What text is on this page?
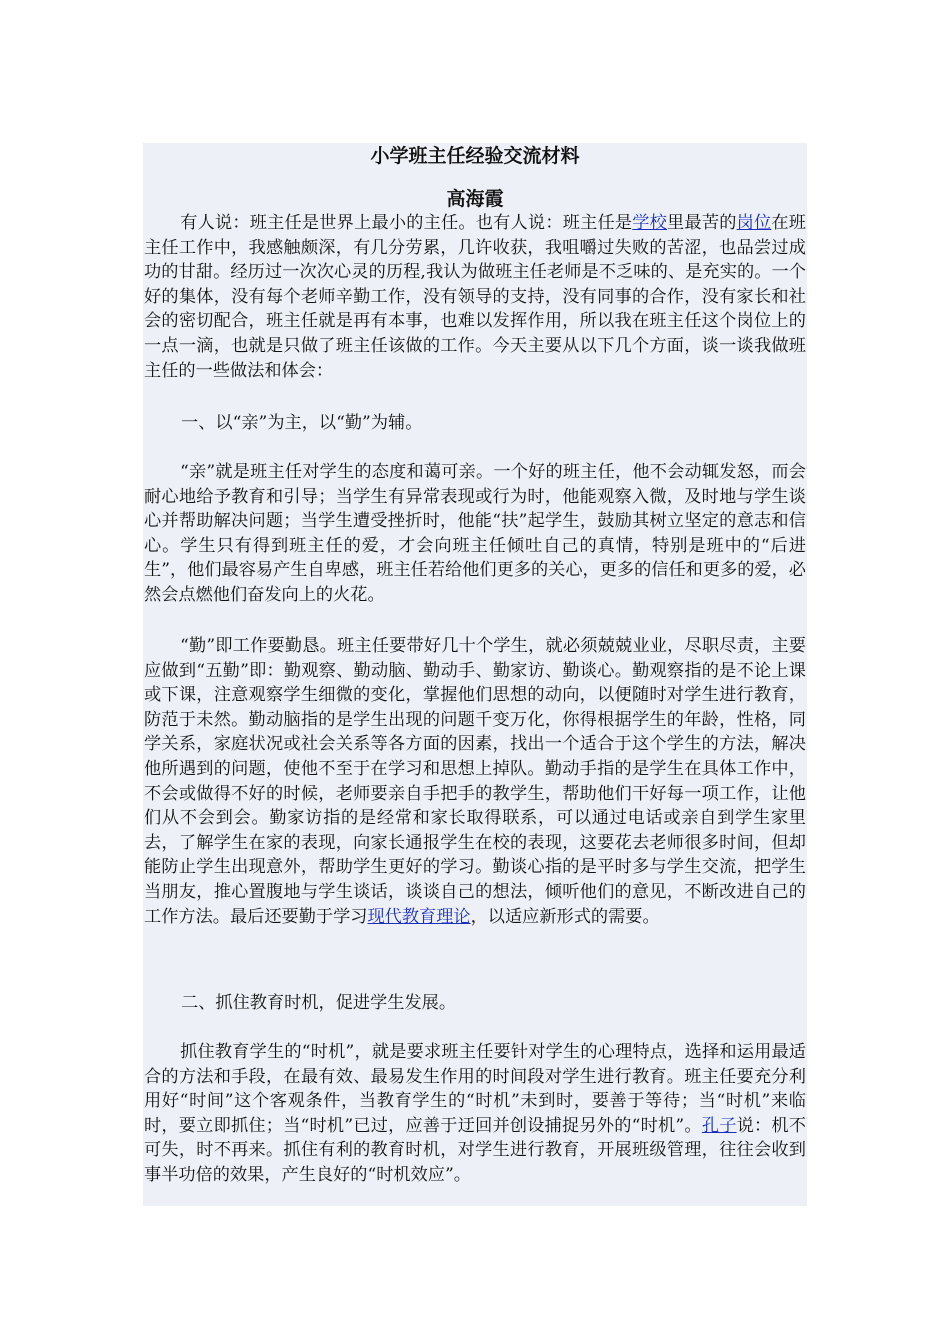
小学班主任经验交流材料
高海霞

有人说：班主任是世界上最小的主任。也有人说：班主任是学校里最苦的岗位在班主任工作中，我感触颇深，有几分劳累，几许收获，我咀嚼过失败的苦涩，也品尝过成功的甘甜。经历过一次次心灵的历程,我认为做班主任老师是不乏味的、是充实的。一个好的集体，没有每个老师辛勤工作，没有领导的支持，没有同事的合作，没有家长和社会的密切配合，班主任就是再有本事，也难以发挥作用，所以我在班主任这个岗位上的一点一滴，也就是只做了班主任该做的工作。今天主要从以下几个方面，谈一谈我做班主任的一些做法和体会：

一、以“亲”为主，以“勤”为辅。

“亲”就是班主任对学生的态度和蔼可亲。一个好的班主任，他不会动辄发怒，而会耐心地给予教育和引导；当学生有异常表现或行为时，他能观察入微，及时地与学生谈心并帮助解决问题；当学生遭受挫折时，他能“扶”起学生，鼓励其树立坚定的意志和信心。学生只有得到班主任的爱，才会向班主任倾吐自己的真情，特别是班中的“后进生”，他们最容易产生自卑感，班主任若给他们更多的关心，更多的信任和更多的爱，必然会点燃他们奋发向上的火花。

“勤”即工作要勤恳。班主任要带好几十个学生，就必须兢兢业业，尽职尽责，主要应做到“五勤”即：勤观察、勤动脑、勤动手、勤家访、勤谈心。勤观察指的是不论上课或下课，注意观察学生细微的变化，掌握他们思想的动向，以便随时对学生进行教育，防范于未然。勤动脑指的是学生出现的问题千变万化，你得根据学生的年龄，性格，同学关系，家庭状况或社会关系等各方面的因素，找出一个适合于这个学生的方法，解决他所遇到的问题，使他不至于在学习和思想上掉队。勤动手指的是学生在具体工作中，不会或做得不好的时候，老师要亲自手把手的教学生，帮助他们干好每一项工作，让他们从不会到会。勤家访指的是经常和家长取得联系，可以通过电话或亲自到学生家里去，了解学生在家的表现，向家长通报学生在校的表现，这要花去老师很多时间，但却能防止学生出现意外，帮助学生更好的学习。勤谈心指的是平时多与学生交流，把学生当朋友，推心置腹地与学生谈话，谈谈自己的想法，倾听他们的意见，不断改进自己的工作方法。最后还要勤于学习现代教育理论，以适应新形式的需要。

二、抓住教育时机，促进学生发展。

抓住教育学生的“时机”，就是要求班主任要针对学生的心理特点，选择和运用最适合的方法和手段，在最有效、最易发生作用的时间段对学生进行教育。班主任要充分利用好“时间”这个客观条件，当教育学生的“时机”未到时，要善于等待；当“时机”来临时，要立即抓住；当“时机”已过，应善于迂回并创设捕捉另外的“时机”。孔子说：机不可失，时不再来。抓住有利的教育时机，对学生进行教育，开展班级管理，往往会收到事半功倍的效果，产生良好的“时机效应”。
